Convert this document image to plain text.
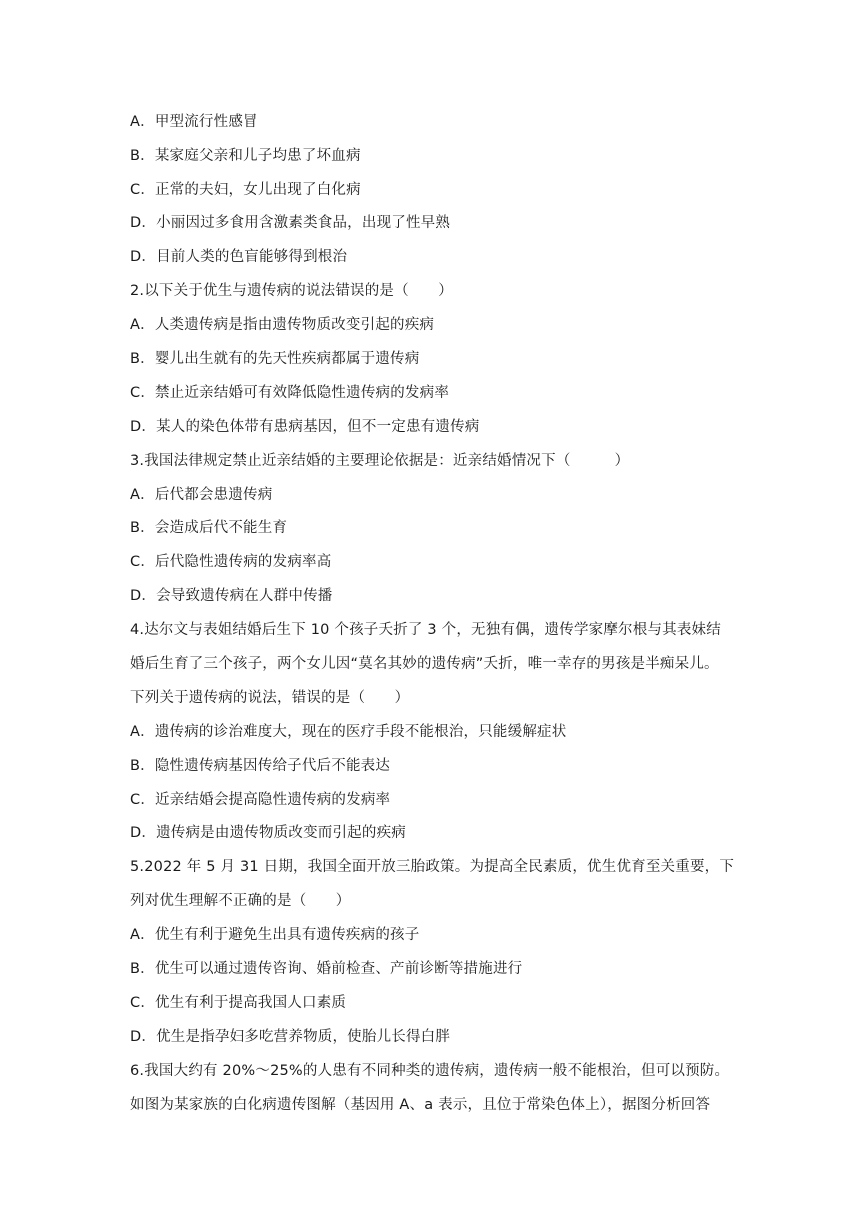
A．甲型流行性感冒
B．某家庭父亲和儿子均患了坏血病
C．正常的夫妇，女儿出现了白化病
D．小丽因过多食用含激素类食品，出现了性早熟
D．目前人类的色盲能够得到根治
2.以下关于优生与遗传病的说法错误的是（　　）
A．人类遗传病是指由遗传物质改变引起的疾病
B．婴儿出生就有的先天性疾病都属于遗传病
C．禁止近亲结婚可有效降低隐性遗传病的发病率
D．某人的染色体带有患病基因，但不一定患有遗传病
3.我国法律规定禁止近亲结婚的主要理论依据是：近亲结婚情况下（　　　）
A．后代都会患遗传病
B．会造成后代不能生育
C．后代隐性遗传病的发病率高
D．会导致遗传病在人群中传播
4.达尔文与表姐结婚后生下 10 个孩子夭折了 3 个，无独有偶，遗传学家摩尔根与其表妹结
婚后生育了三个孩子，两个女儿因“莫名其妙的遗传病”夭折，唯一幸存的男孩是半痴呆儿。
下列关于遗传病的说法，错误的是（　　）
A．遗传病的诊治难度大，现在的医疗手段不能根治，只能缓解症状
B．隐性遗传病基因传给子代后不能表达
C．近亲结婚会提高隐性遗传病的发病率
D．遗传病是由遗传物质改变而引起的疾病
5.2022 年 5 月 31 日期，我国全面开放三胎政策。为提高全民素质，优生优育至关重要，下
列对优生理解不正确的是（　　）
A．优生有利于避免生出具有遗传疾病的孩子
B．优生可以通过遗传咨询、婚前检查、产前诊断等措施进行
C．优生有利于提高我国人口素质
D．优生是指孕妇多吃营养物质，使胎儿长得白胖
6.我国大约有 20%～25%的人患有不同种类的遗传病，遗传病一般不能根治，但可以预防。
如图为某家族的白化病遗传图解（基因用 A、a 表示，且位于常染色体上），据图分析回答
